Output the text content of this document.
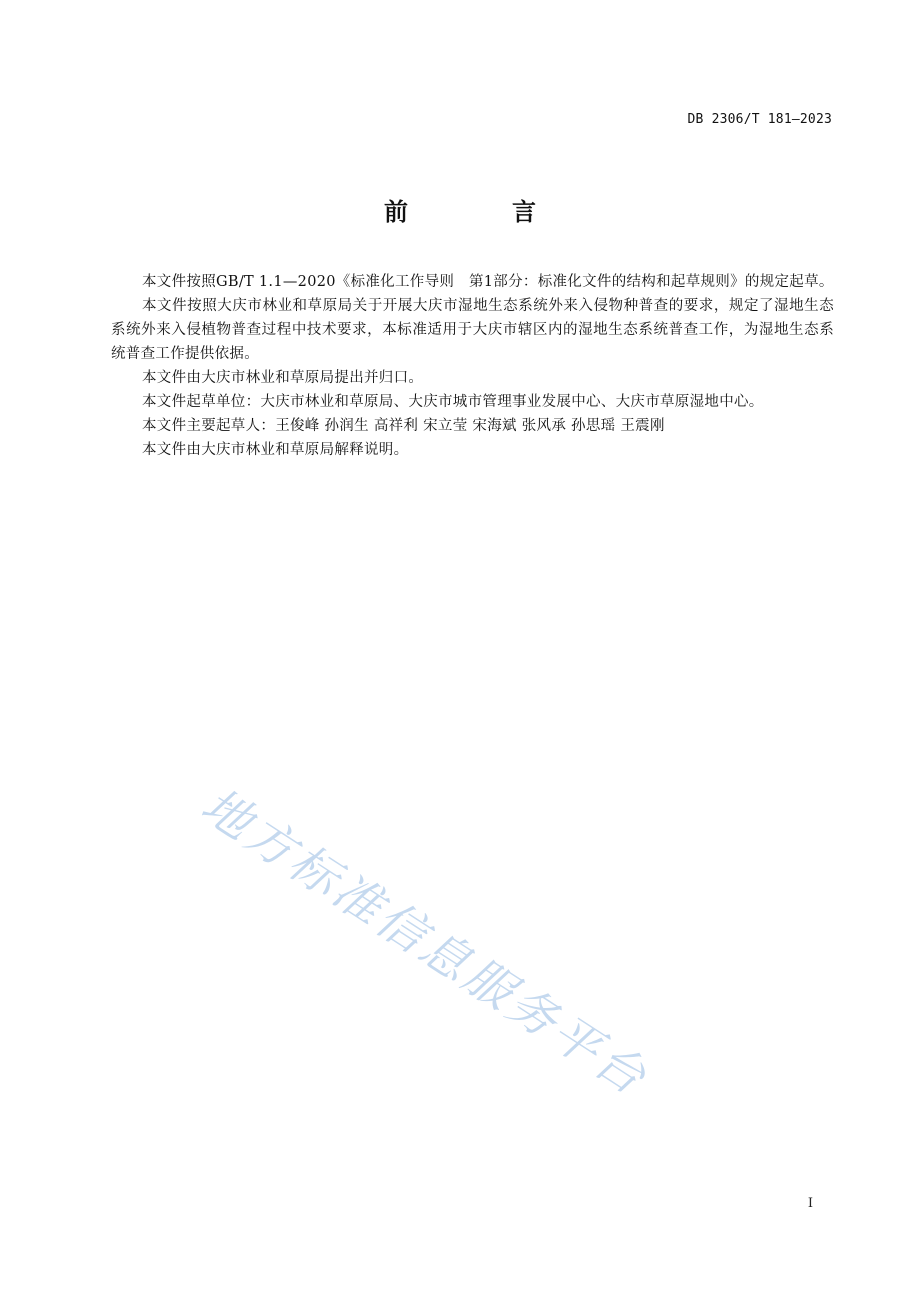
DB 2306/T 181—2023
前　言

本文件按照GB/T 1.1—2020《标准化工作导则　第1部分：标准化文件的结构和起草规则》的规定起草。

本文件按照大庆市林业和草原局关于开展大庆市湿地生态系统外来入侵物种普查的要求，规定了湿地生态系统外来入侵植物普查过程中技术要求，本标准适用于大庆市辖区内的湿地生态系统普查工作，为湿地生态系统普查工作提供依据。

本文件由大庆市林业和草原局提出并归口。

本文件起草单位：大庆市林业和草原局、大庆市城市管理事业发展中心、大庆市草原湿地中心。

本文件主要起草人：王俊峰 孙润生 高祥利 宋立莹 宋海斌 张风承 孙思瑶 王震刚

本文件由大庆市林业和草原局解释说明。

地方标准信息服务平台
I
